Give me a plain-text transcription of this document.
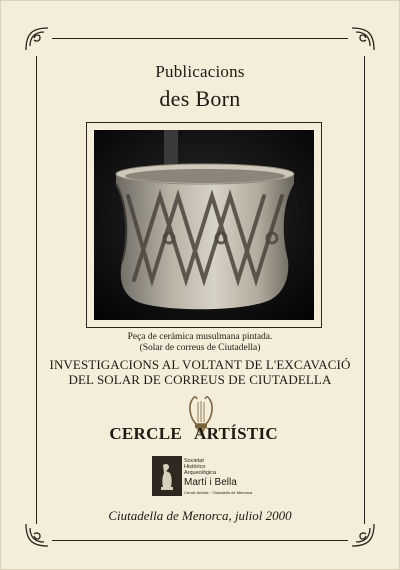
Publicacions
des Born
Peça de cerámica musulmana pintada.
(Solar de correus de Ciutadella)
INVESTIGACIONS AL VOLTANT DE L'EXCAVACIÓ
DEL SOLAR DE CORREUS DE CIUTADELLA
CERCLE ARTÍSTIC
Societat
Històrico
Arqueològica
Martí i Bella
Cercle Artístic · Ciutadella de Menorca
Ciutadella de Menorca, juliol 2000
